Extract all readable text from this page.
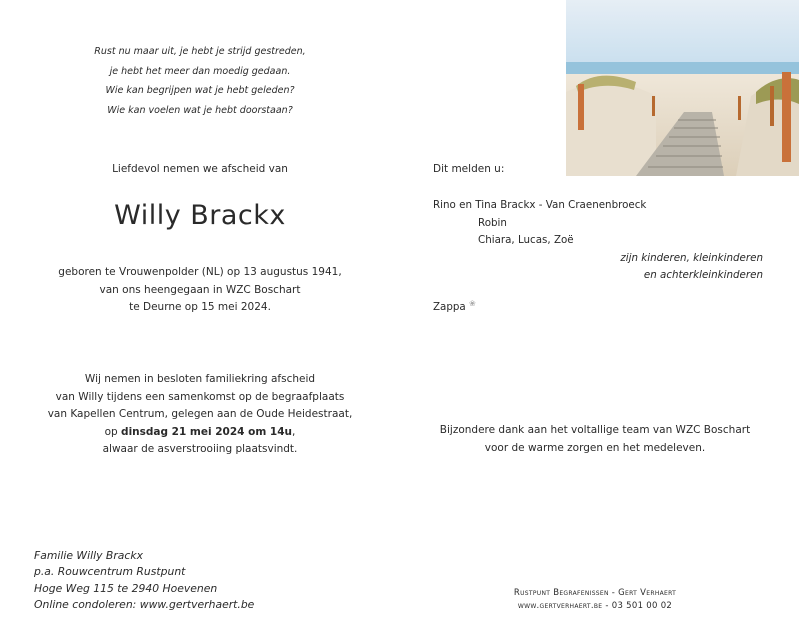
Rust nu maar uit, je hebt je strijd gestreden,
je hebt het meer dan moedig gedaan.
Wie kan begrijpen wat je hebt geleden?
Wie kan voelen wat je hebt doorstaan?
Liefdevol nemen we afscheid van
Willy Brackx
geboren te Vrouwenpolder (NL) op 13 augustus 1941,
van ons heengegaan in WZC Boschart
te Deurne op 15 mei 2024.
Wij nemen in besloten familiekring afscheid
van Willy tijdens een samenkomst op de begraafplaats
van Kapellen Centrum, gelegen aan de Oude Heidestraat,
op dinsdag 21 mei 2024 om 14u,
alwaar de asverstrooiing plaatsvindt.
Familie Willy Brackx
p.a. Rouwcentrum Rustpunt
Hoge Weg 115 te 2940 Hoevenen
Online condoleren: www.gertverhaert.be
Dit melden u:
Rino en Tina Brackx - Van Craenenbroeck
Robin
Chiara, Lucas, Zoë
zijn kinderen, kleinkinderen
en achterkleinkinderen
Zappa ❀
Bijzondere dank aan het voltallige team van WZC Boschart
voor de warme zorgen en het medeleven.
Rustpunt Begrafenissen - Gert Verhaert
www.gertverhaert.be - 03 501 00 02
